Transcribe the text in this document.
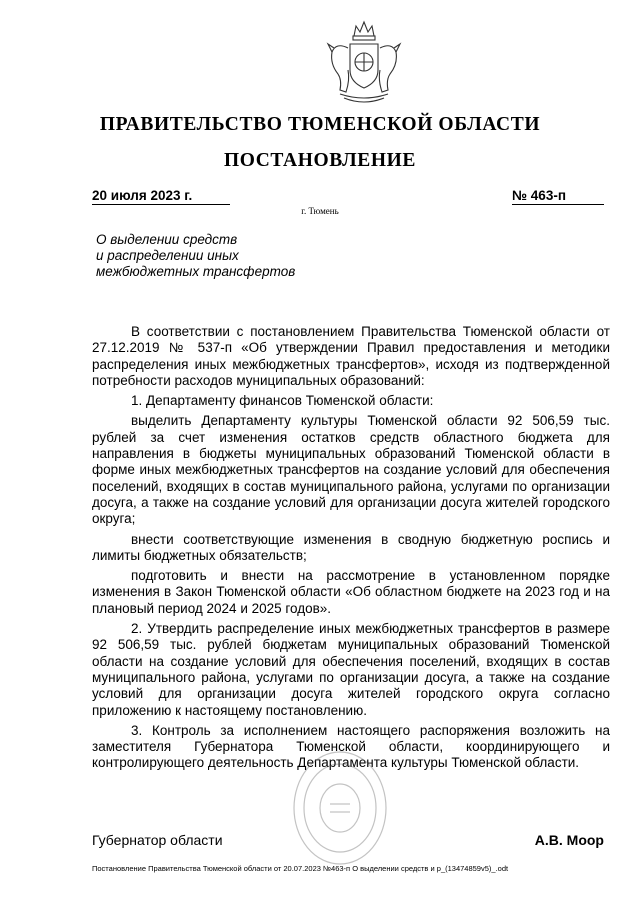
ПРАВИТЕЛЬСТВО ТЮМЕНСКОЙ ОБЛАСТИ
ПОСТАНОВЛЕНИЕ
20 июля 2023 г.	№ 463-п
г. Тюмень
О выделении средств
и распределении иных
межбюджетных трансфертов

В соответствии с постановлением Правительства Тюменской области от 27.12.2019 № 537-п «Об утверждении Правил предоставления и методики распределения иных межбюджетных трансфертов», исходя из подтвержденной потребности расходов муниципальных образований:

1. Департаменту финансов Тюменской области:

выделить Департаменту культуры Тюменской области 92 506,59 тыс. рублей за счет изменения остатков средств областного бюджета для направления в бюджеты муниципальных образований Тюменской области в форме иных межбюджетных трансфертов на создание условий для обеспечения поселений, входящих в состав муниципального района, услугами по организации досуга, а также на создание условий для организации досуга жителей городского округа;

внести соответствующие изменения в сводную бюджетную роспись и лимиты бюджетных обязательств;

подготовить и внести на рассмотрение в установленном порядке изменения в Закон Тюменской области «Об областном бюджете на 2023 год и на плановый период 2024 и 2025 годов».

2. Утвердить распределение иных межбюджетных трансфертов в размере 92 506,59 тыс. рублей бюджетам муниципальных образований Тюменской области на создание условий для обеспечения поселений, входящих в состав муниципального района, услугами по организации досуга, а также на создание условий для организации досуга жителей городского округа согласно приложению к настоящему постановлению.

3. Контроль за исполнением настоящего распоряжения возложить на заместителя Губернатора Тюменской области, координирующего и контролирующего деятельность Департамента культуры Тюменской области.

Губернатор области	А.В. Моор
Постановление Правительства Тюменской области от 20.07.2023 №463-п О выделении средств и р_(13474859v5)_.odt
